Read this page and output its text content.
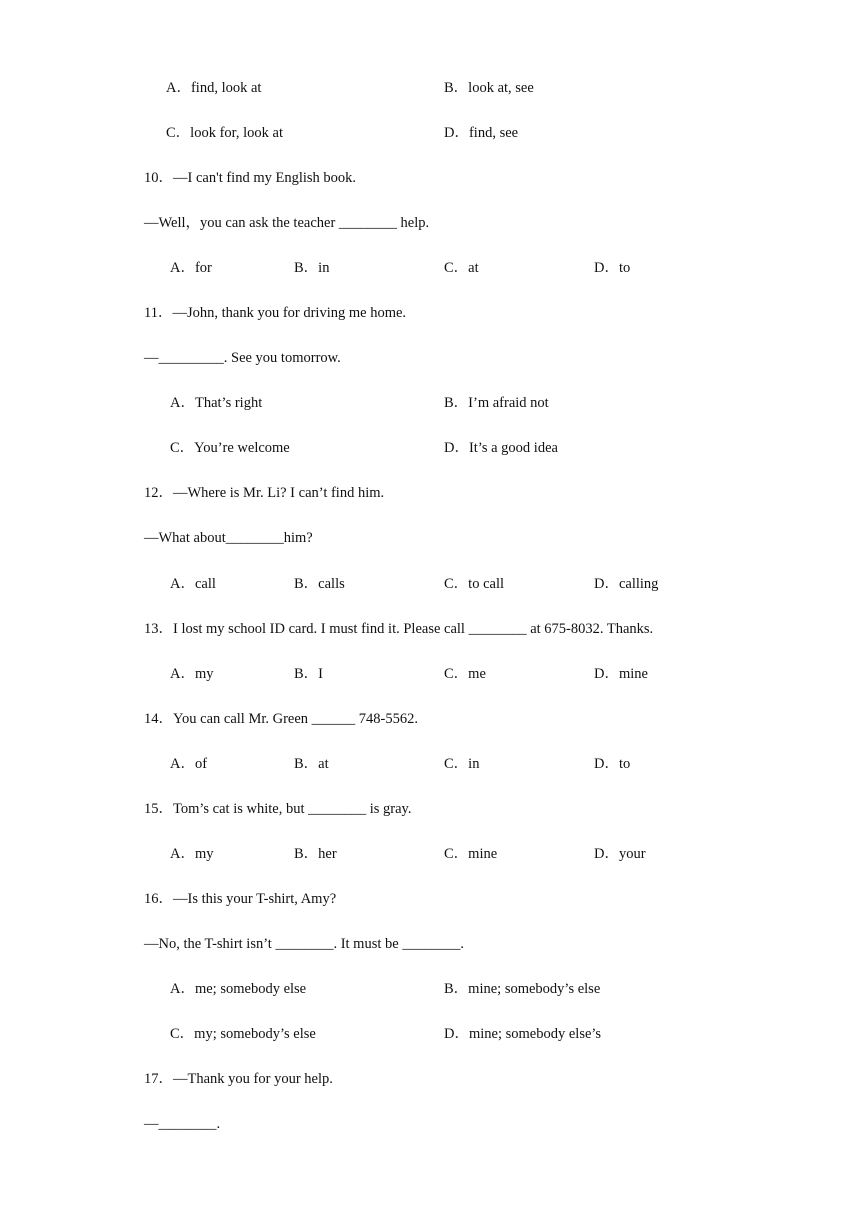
A．find, look at	B．look at, see
C．look for, look at	D．find, see
10．—I can't find my English book.
—Well，you can ask the teacher ________ help.
A．for	B．in	C．at	D．to
11．—John, thank you for driving me home.
—_________. See you tomorrow.
A．That’s right	B．I’m afraid not
C．You’re welcome	D．It’s a good idea
12．—Where is Mr. Li? I can’t find him.
—What about________him?
A．call	B．calls	C．to call	D．calling
13．I lost my school ID card. I must find it. Please call ________ at 675-8032. Thanks.
A．my	B．I	C．me	D．mine
14．You can call Mr. Green ______ 748-5562.
A．of	B．at	C．in	D．to
15．Tom’s cat is white, but ________ is gray.
A．my	B．her	C．mine	D．your
16．—Is this your T-shirt, Amy?
—No, the T-shirt isn’t ________. It must be ________.
A．me; somebody else	B．mine; somebody’s else
C．my; somebody’s else	D．mine; somebody else’s
17．—Thank you for your help.
—________.
